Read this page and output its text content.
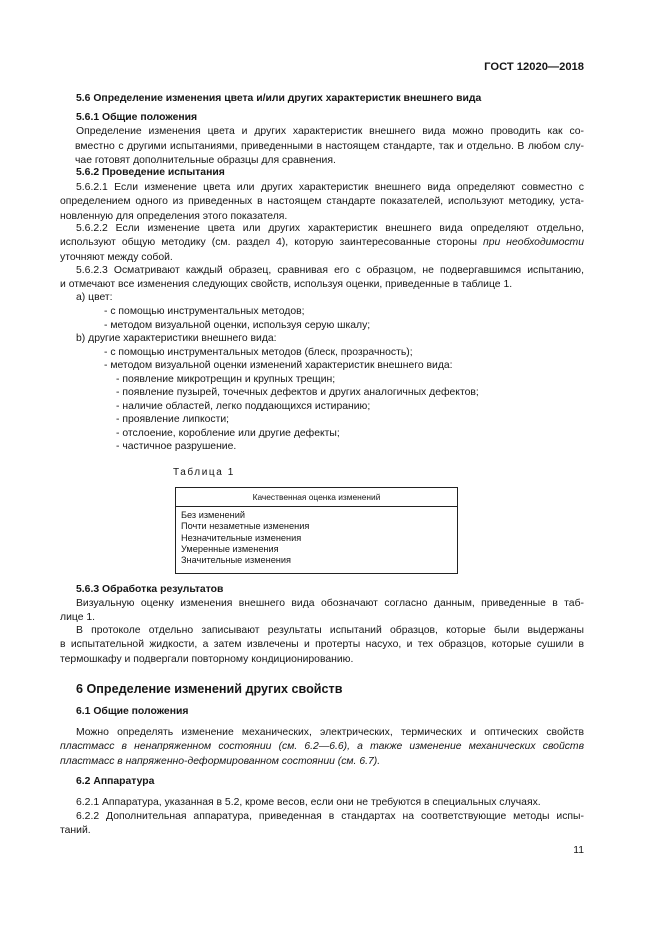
ГОСТ 12020—2018
5.6 Определение изменения цвета и/или других характеристик внешнего вида
5.6.1 Общие положения
Определение изменения цвета и других характеристик внешнего вида можно проводить как со-
вместно с другими испытаниями, приведенными в настоящем стандарте, так и отдельно. В любом слу-
чае готовят дополнительные образцы для сравнения.
5.6.2 Проведение испытания
5.6.2.1 Если изменение цвета или других характеристик внешнего вида определяют совместно с
определением одного из приведенных в настоящем стандарте показателей, используют методику, уста-
новленную для определения этого показателя.
5.6.2.2 Если изменение цвета или других характеристик внешнего вида определяют отдельно,
используют общую методику (см. раздел 4), которую заинтересованные стороны при необходимости
уточняют между собой.
5.6.2.3 Осматривают каждый образец, сравнивая его с образцом, не подвергавшимся испытанию,
и отмечают все изменения следующих свойств, используя оценки, приведенные в таблице 1.
a) цвет:
- с помощью инструментальных методов;
- методом визуальной оценки, используя серую шкалу;
b) другие характеристики внешнего вида:
- с помощью инструментальных методов (блеск, прозрачность);
- методом визуальной оценки изменений характеристик внешнего вида:
- появление микротрещин и крупных трещин;
- появление пузырей, точечных дефектов и других аналогичных дефектов;
- наличие областей, легко поддающихся истиранию;
- проявление липкости;
- отслоение, коробление или другие дефекты;
- частичное разрушение.
Таблица 1
Качественная оценка изменений
Без изменений
Почти незаметные изменения
Незначительные изменения
Умеренные изменения
Значительные изменения
5.6.3 Обработка результатов
Визуальную оценку изменения внешнего вида обозначают согласно данным, приведенные в таб-
лице 1.
В протоколе отдельно записывают результаты испытаний образцов, которые были выдержаны
в испытательной жидкости, а затем извлечены и протерты насухо, и тех образцов, которые сушили в
термошкафу и подвергали повторному кондиционированию.
6 Определение изменений других свойств
6.1 Общие положения
Можно определять изменение механических, электрических, термических и оптических свойств
пластмасс в ненапряженном состоянии (см. 6.2—6.6), а также изменение механических свойств
пластмасс в напряженно-деформированном состоянии (см. 6.7).
6.2 Аппаратура
6.2.1 Аппаратура, указанная в 5.2, кроме весов, если они не требуются в специальных случаях.
6.2.2 Дополнительная аппаратура, приведенная в стандартах на соответствующие методы испы-
таний.
11
